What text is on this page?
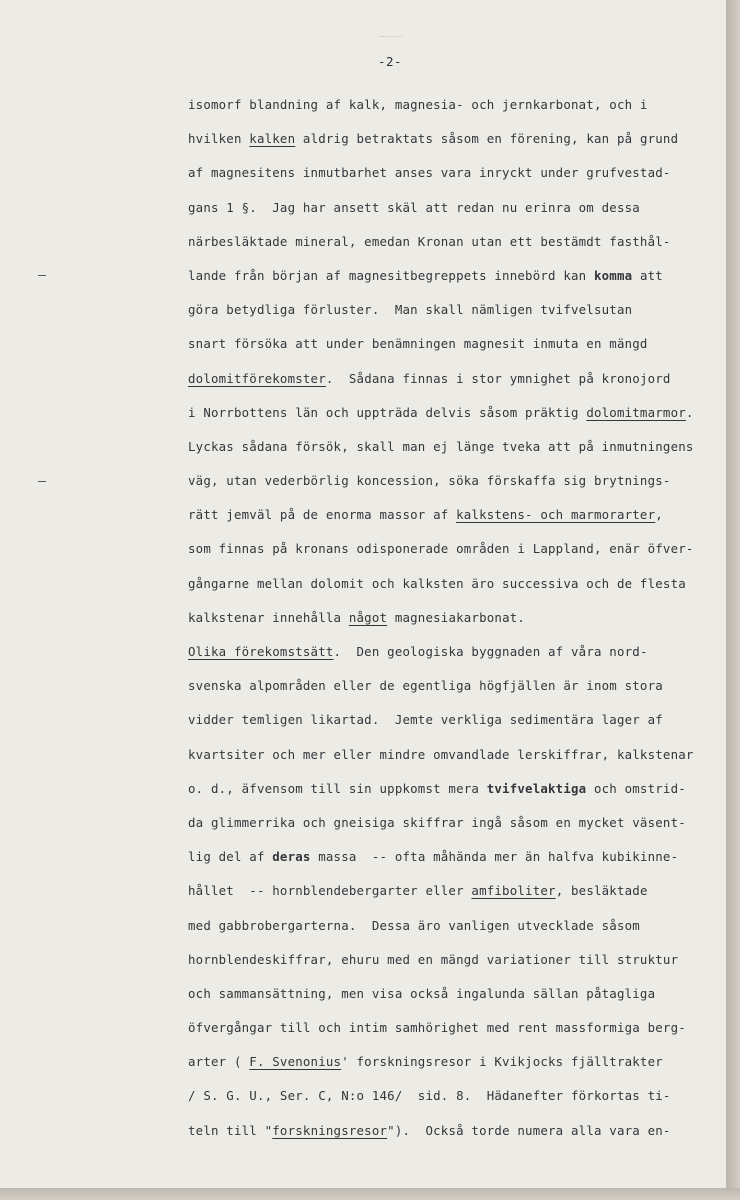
-2-
isomorf blandning af kalk, magnesia- och jernkarbonat, och i
hvilken kalken aldrig betraktats såsom en förening, kan på grund
af magnesitens inmutbarhet anses vara inryckt under grufvestad-
gans 1 §.  Jag har ansett skäl att redan nu erinra om dessa
närbesläktade mineral, emedan Kronan utan ett bestämdt fasthål-
lande från början af magnesitbegreppets innebörd kan komma att
göra betydliga förluster.  Man skall nämligen tvifvelsutan
snart försöka att under benämningen magnesit inmuta en mängd
dolomitförekomster.  Sådana finnas i stor ymnighet på kronojord
i Norrbottens län och uppträda delvis såsom präktig dolomitmarmor.
Lyckas sådana försök, skall man ej länge tveka att på inmutningens
väg, utan vederbörlig koncession, söka förskaffa sig brytnings-
rätt jemväl på de enorma massor af kalkstens- och marmorarter,
som finnas på kronans odisponerade områden i Lappland, enär öfver-
gångarne mellan dolomit och kalksten äro successiva och de flesta
kalkstenar innehålla något magnesiakarbonat.
Olika förekomstsätt.  Den geologiska byggnaden af våra nord-
svenska alpområden eller de egentliga högfjällen är inom stora
vidder temligen likartad.  Jemte verkliga sedimentära lager af
kvartsiter och mer eller mindre omvandlade lerskiffrar, kalkstenar
o. d., äfvensom till sin uppkomst mera tvifvelaktiga och omstrid-
da glimmerrika och gneisiga skiffrar ingå såsom en mycket väsent-
lig del af deras massa  -- ofta måhända mer än halfva kubikinne-
hållet  -- hornblendebergarter eller amfiboliter, besläktade
med gabbrobergarterna.  Dessa äro vanligen utvecklade såsom
hornblendeskiffrar, ehuru med en mängd variationer till struktur
och sammansättning, men visa också ingalunda sällan påtagliga
öfvergångar till och intim samhörighet med rent massformiga berg-
arter ( F. Svenonius' forskningsresor i Kvikjocks fjälltrakter
/ S. G. U., Ser. C, N:o 146/  sid. 8.  Hädanefter förkortas ti-
teln till "forskningsresor").  Också torde numera alla vara en-
